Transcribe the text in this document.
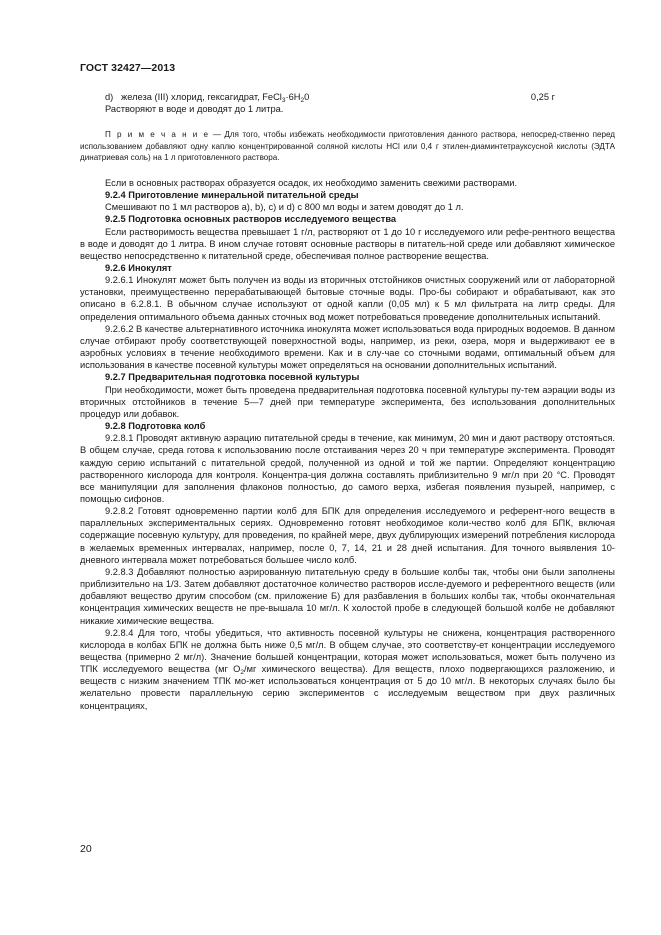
ГОСТ 32427—2013
d) железа (III) хлорид, гексагидрат, $FeCl_3\cdot 6H_20$	0,25 г

Растворяют в воде и доводят до 1 литра.

П р и м е ч а н и е — Для того, чтобы избежать необходимости приготовления данного раствора, непосред-ственно перед использованием добавляют одну каплю концентрированной соляной кислоты HCl или 0,4 г этилен-диаминтетрауксусной кислоты (ЭДТА динатриевая соль) на 1 л приготовленного раствора.

Если в основных растворах образуется осадок, их необходимо заменить свежими растворами.

9.2.4 Приготовление минеральной питательной среды

Смешивают по 1 мл растворов а), b), c) и d) с 800 мл воды и затем доводят до 1 л.

9.2.5 Подготовка основных растворов исследуемого вещества

Если растворимость вещества превышает 1 г/л, растворяют от 1 до 10 г исследуемого или рефе-рентного вещества в воде и доводят до 1 литра. В ином случае готовят основные растворы в питатель-ной среде или добавляют химическое вещество непосредственно к питательной среде, обеспечивая полное растворение вещества.

9.2.6 Инокулят

9.2.6.1 Инокулят может быть получен из воды из вторичных отстойников очистных сооружений или от лабораторной установки, преимущественно перерабатывающей бытовые сточные воды. Про-бы собирают и обрабатывают, как это описано в 6.2.8.1. В обычном случае используют от одной капли (0,05 мл) к 5 мл фильтрата на литр среды. Для определения оптимального объема данных сточных вод может потребоваться проведение дополнительных испытаний.

9.2.6.2 В качестве альтернативного источника инокулята может использоваться вода природных водоемов. В данном случае отбирают пробу соответствующей поверхностной воды, например, из реки, озера, моря и выдерживают ее в аэробных условиях в течение необходимого времени. Как и в слу-чае со сточными водами, оптимальный объем для использования в качестве посевной культуры может определяться на основании дополнительных испытаний.

9.2.7 Предварительная подготовка посевной культуры

При необходимости, может быть проведена предварительная подготовка посевной культуры пу-тем аэрации воды из вторичных отстойников в течение 5—7 дней при температуре эксперимента, без использования дополнительных процедур или добавок.

9.2.8 Подготовка колб

9.2.8.1 Проводят активную аэрацию питательной среды в течение, как минимум, 20 мин и дают раствору отстояться. В общем случае, среда готова к использованию после отстаивания через 20 ч при температуре эксперимента. Проводят каждую серию испытаний с питательной средой, полученной из одной и той же партии. Определяют концентрацию растворенного кислорода для контроля. Концентра-ция должна составлять приблизительно 9 мг/л при 20 °С. Проводят все манипуляции для заполнения флаконов полностью, до самого верха, избегая появления пузырей, например, с помощью сифонов.

9.2.8.2 Готовят одновременно партии колб для БПК для определения исследуемого и референт-ного веществ в параллельных экспериментальных сериях. Одновременно готовят необходимое коли-чество колб для БПК, включая содержащие посевную культуру, для проведения, по крайней мере, двух дублирующих измерений потребления кислорода в желаемых временных интервалах, например, после 0, 7, 14, 21 и 28 дней испытания. Для точного выявления 10-дневного интервала может потребоваться большее число колб.

9.2.8.3 Добавляют полностью аэрированную питательную среду в большие колбы так, чтобы они были заполнены приблизительно на 1/3. Затем добавляют достаточное количество растворов иссле-дуемого и референтного веществ (или добавляют вещество другим способом (см. приложение Б) для разбавления в больших колбы так, чтобы окончательная концентрация химических веществ не пре-вышала 10 мг/л. К холостой пробе в следующей большой колбе не добавляют никакие химические вещества.

9.2.8.4 Для того, чтобы убедиться, что активность посевной культуры не снижена, концентрация растворенного кислорода в колбах БПК не должна быть ниже 0,5 мг/л. В общем случае, это соответству-ет концентрации исследуемого вещества (примерно 2 мг/л). Значение большей концентрации, которая может использоваться, может быть получено из ТПК исследуемого вещества (мг $O_2/мг$ химического вещества). Для веществ, плохо подвергающихся разложению, и веществ с низким значением ТПК мо-жет использоваться концентрация от 5 до 10 мг/л. В некоторых случаях было бы желательно провести параллельную серию экспериментов с исследуемым веществом при двух различных концентрациях,

20
